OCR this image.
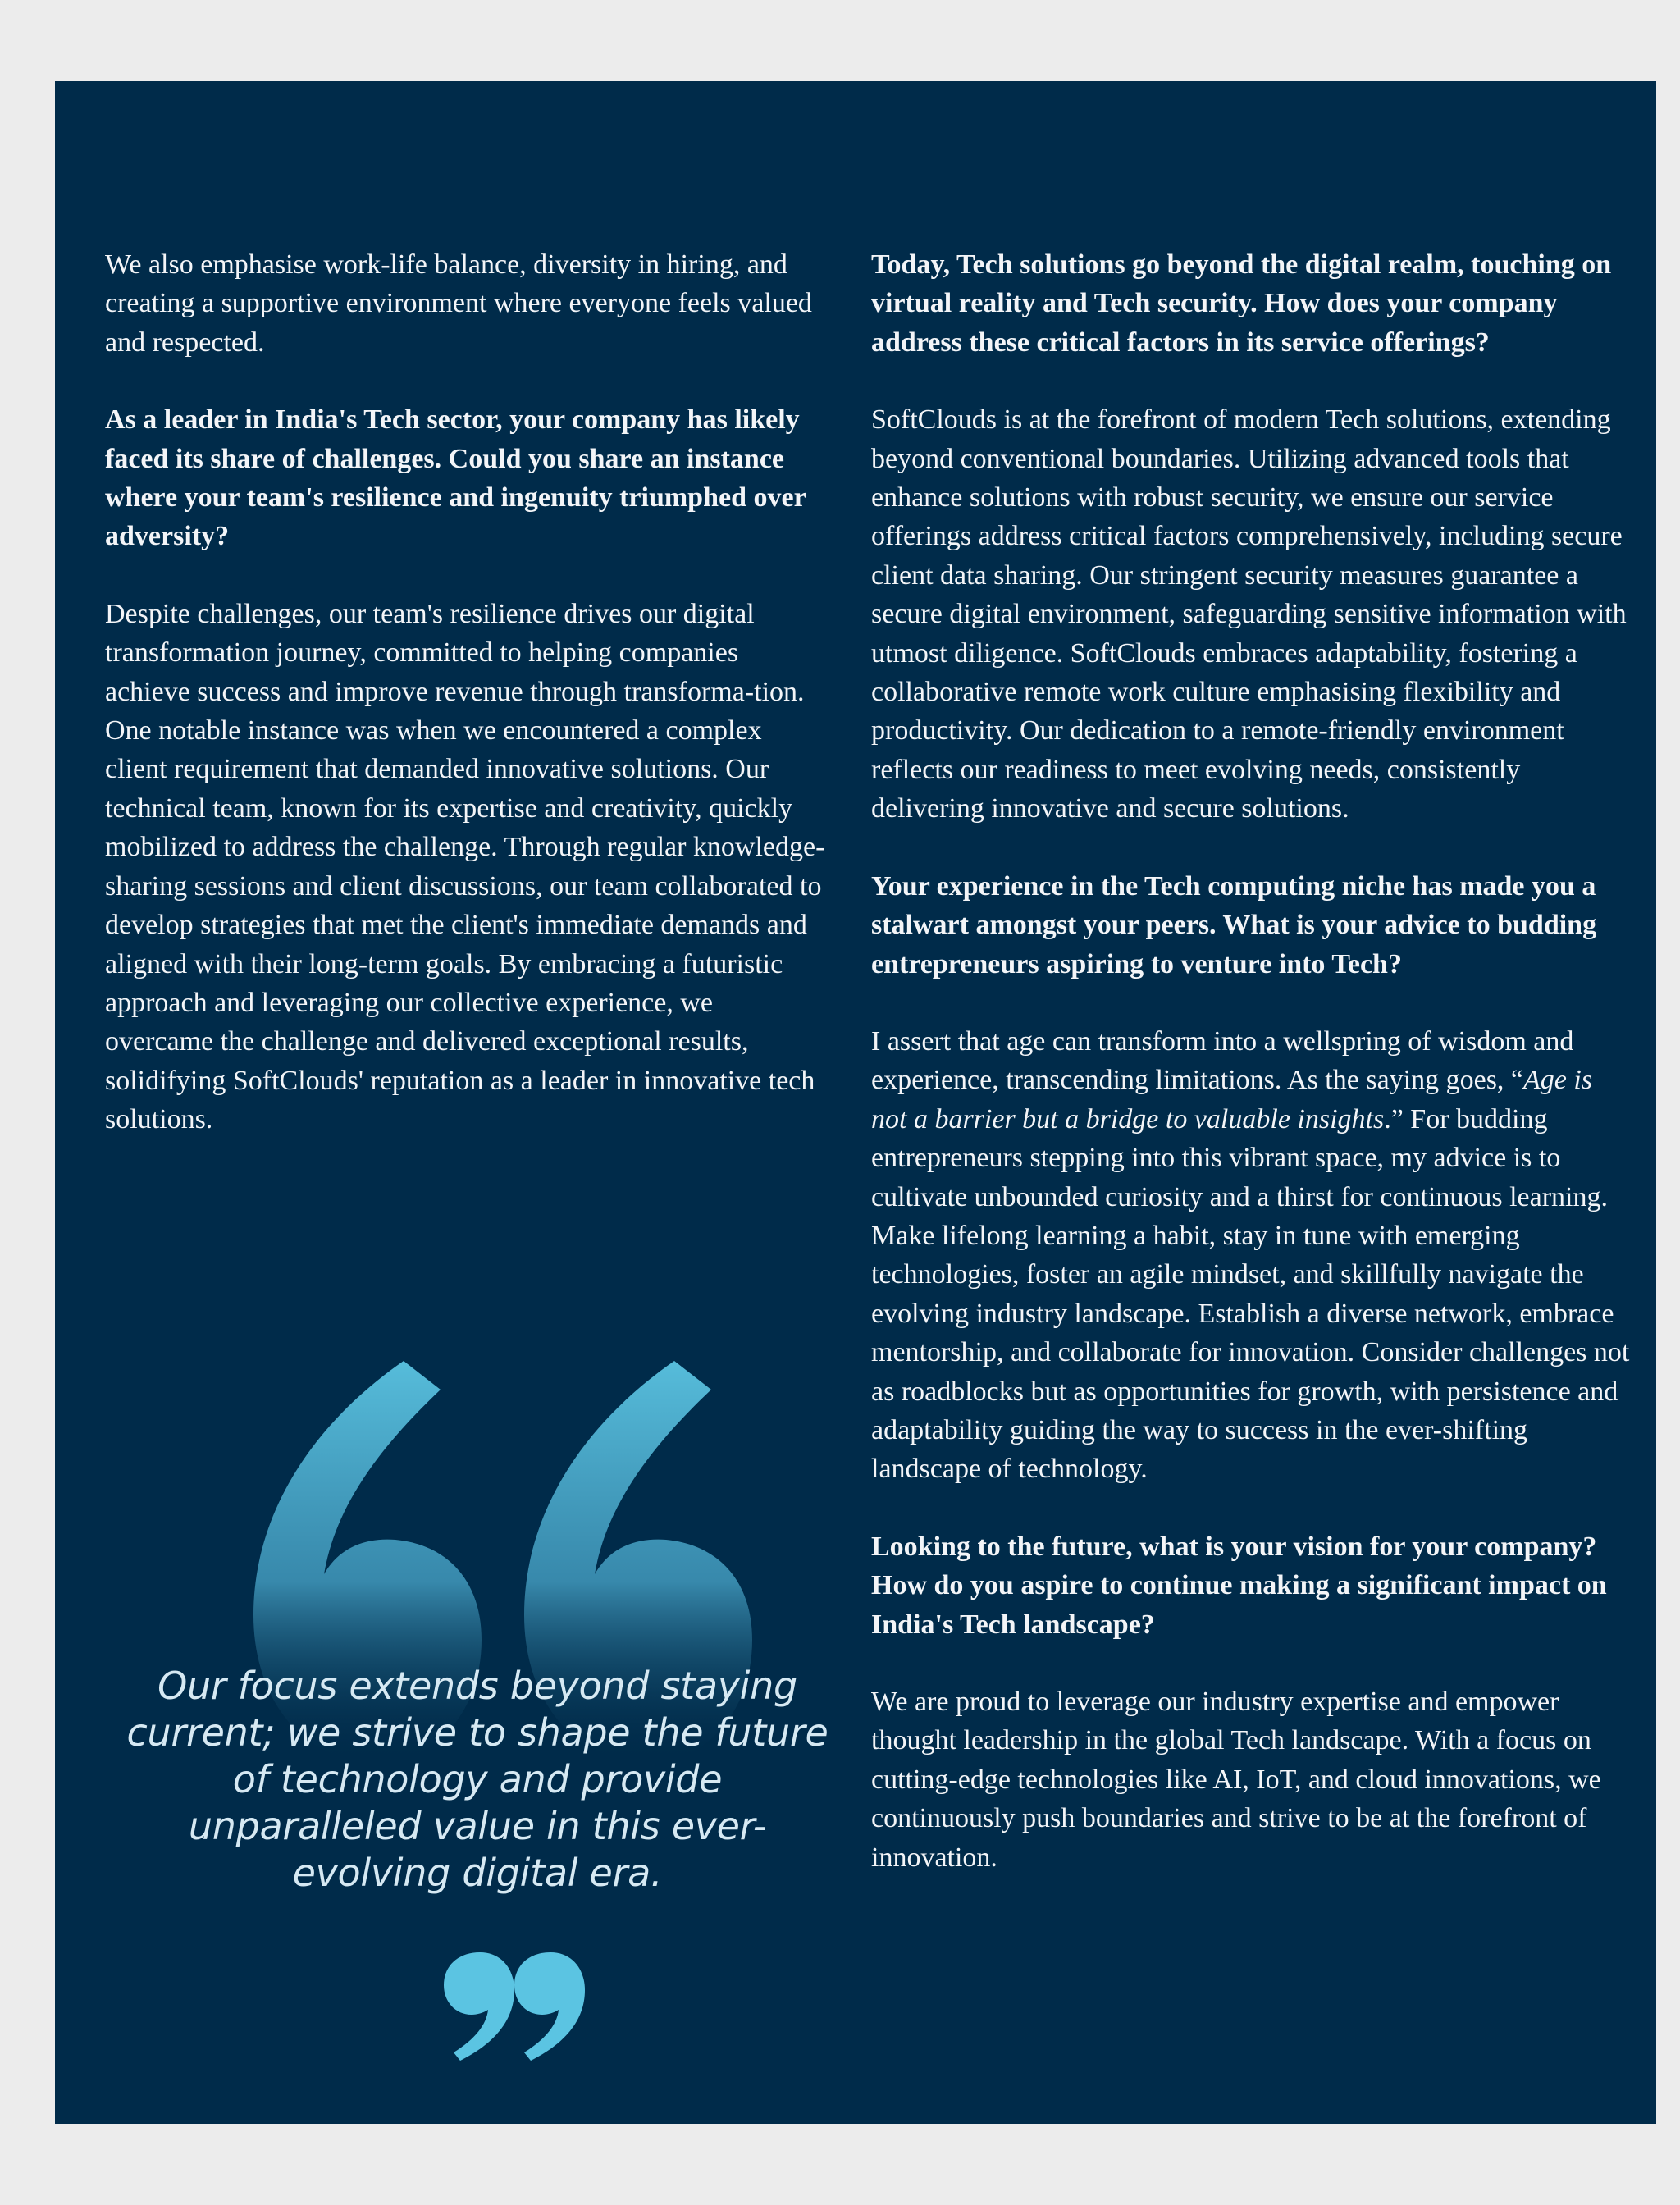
We also emphasise work-life balance, diversity in hiring, and creating a supportive environment where everyone feels valued and respected.

As a leader in India's Tech sector, your company has likely faced its share of challenges. Could you share an instance where your team's resilience and ingenuity triumphed over adversity?

Despite challenges, our team's resilience drives our digital transformation journey, committed to helping companies achieve success and improve revenue through transforma-tion. One notable instance was when we encountered a complex client requirement that demanded innovative solutions. Our technical team, known for its expertise and creativity, quickly mobilized to address the challenge. Through regular knowledge-sharing sessions and client discussions, our team collaborated to develop strategies that met the client's immediate demands and aligned with their long-term goals. By embracing a futuristic approach and leveraging our collective experience, we overcame the challenge and delivered exceptional results, solidifying SoftClouds' reputation as a leader in innovative tech solutions.

Our focus extends beyond staying current; we strive to shape the future of technology and provide unparalleled value in this ever-evolving digital era.

Today, Tech solutions go beyond the digital realm, touching on virtual reality and Tech security. How does your company address these critical factors in its service offerings?

SoftClouds is at the forefront of modern Tech solutions, extending beyond conventional boundaries. Utilizing advanced tools that enhance solutions with robust security, we ensure our service offerings address critical factors comprehensively, including secure client data sharing. Our stringent security measures guarantee a secure digital environment, safeguarding sensitive information with utmost diligence. SoftClouds embraces adaptability, fostering a collaborative remote work culture emphasising flexibility and productivity. Our dedication to a remote-friendly environment reflects our readiness to meet evolving needs, consistently delivering innovative and secure solutions.

Your experience in the Tech computing niche has made you a stalwart amongst your peers. What is your advice to budding entrepreneurs aspiring to venture into Tech?

I assert that age can transform into a wellspring of wisdom and experience, transcending limitations. As the saying goes, “Age is not a barrier but a bridge to valuable insights.” For budding entrepreneurs stepping into this vibrant space, my advice is to cultivate unbounded curiosity and a thirst for continuous learning. Make lifelong learning a habit, stay in tune with emerging technologies, foster an agile mindset, and skillfully navigate the evolving industry landscape. Establish a diverse network, embrace mentorship, and collaborate for innovation. Consider challenges not as roadblocks but as opportunities for growth, with persistence and adaptability guiding the way to success in the ever-shifting landscape of technology.

Looking to the future, what is your vision for your company? How do you aspire to continue making a significant impact on India's Tech landscape?

We are proud to leverage our industry expertise and empower thought leadership in the global Tech landscape. With a focus on cutting-edge technologies like AI, IoT, and cloud innovations, we continuously push boundaries and strive to be at the forefront of innovation.
